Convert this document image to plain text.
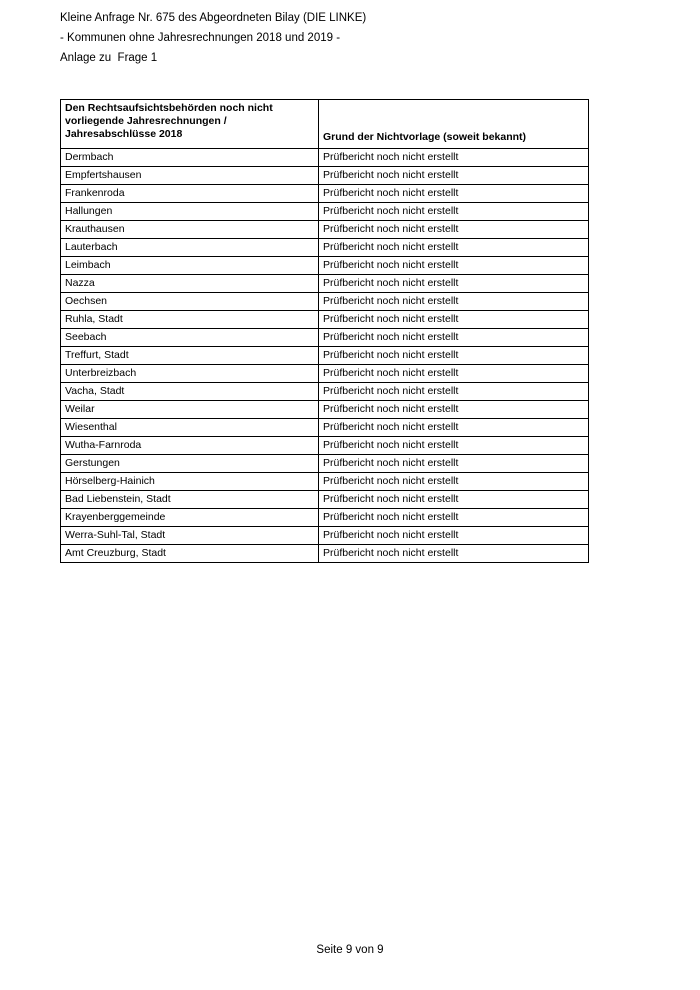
Kleine Anfrage Nr. 675 des Abgeordneten Bilay (DIE LINKE)
- Kommunen ohne Jahresrechnungen 2018 und 2019 -
Anlage zu  Frage 1
Den Rechtsaufsichtsbehörden noch nicht vorliegende Jahresrechnungen / Jahresabschlüsse 2018	Grund der Nichtvorlage (soweit bekannt)
Dermbach	Prüfbericht noch nicht erstellt
Empfertshausen	Prüfbericht noch nicht erstellt
Frankenroda	Prüfbericht noch nicht erstellt
Hallungen	Prüfbericht noch nicht erstellt
Krauthausen	Prüfbericht noch nicht erstellt
Lauterbach	Prüfbericht noch nicht erstellt
Leimbach	Prüfbericht noch nicht erstellt
Nazza	Prüfbericht noch nicht erstellt
Oechsen	Prüfbericht noch nicht erstellt
Ruhla, Stadt	Prüfbericht noch nicht erstellt
Seebach	Prüfbericht noch nicht erstellt
Treffurt, Stadt	Prüfbericht noch nicht erstellt
Unterbreizbach	Prüfbericht noch nicht erstellt
Vacha, Stadt	Prüfbericht noch nicht erstellt
Weilar	Prüfbericht noch nicht erstellt
Wiesenthal	Prüfbericht noch nicht erstellt
Wutha-Farnroda	Prüfbericht noch nicht erstellt
Gerstungen	Prüfbericht noch nicht erstellt
Hörselberg-Hainich	Prüfbericht noch nicht erstellt
Bad Liebenstein, Stadt	Prüfbericht noch nicht erstellt
Krayenberggemeinde	Prüfbericht noch nicht erstellt
Werra-Suhl-Tal, Stadt	Prüfbericht noch nicht erstellt
Amt Creuzburg, Stadt	Prüfbericht noch nicht erstellt
Seite 9 von 9
